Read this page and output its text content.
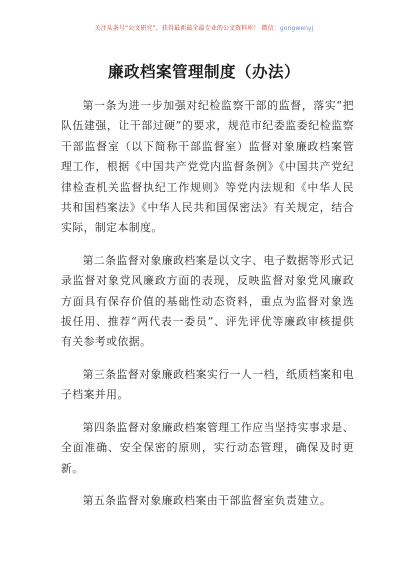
关注头条号“公文研究”，获得最新最全最专业的公文资料库！ 微信：gongwenyj
廉政档案管理制度（办法）

第一条为进一步加强对纪检监察干部的监督，落实“把队伍建强，让干部过硬”的要求，规范市纪委监委纪检监察干部监督室（以下简称干部监督室）监督对象廉政档案管理工作，根据《中国共产党党内监督条例》《中国共产党纪律检查机关监督执纪工作规则》等党内法规和《中华人民共和国档案法》《中华人民共和国保密法》有关规定，结合实际，制定本制度。

第二条监督对象廉政档案是以文字、电子数据等形式记录监督对象党风廉政方面的表现，反映监督对象党风廉政方面具有保存价值的基础性动态资料，重点为监督对象选拔任用、推荐“两代表一委员”、评先评优等廉政审核提供有关参考或依据。

第三条监督对象廉政档案实行一人一档，纸质档案和电子档案并用。

第四条监督对象廉政档案管理工作应当坚持实事求是、全面准确、安全保密的原则，实行动态管理，确保及时更新。

第五条监督对象廉政档案由干部监督室负责建立。
